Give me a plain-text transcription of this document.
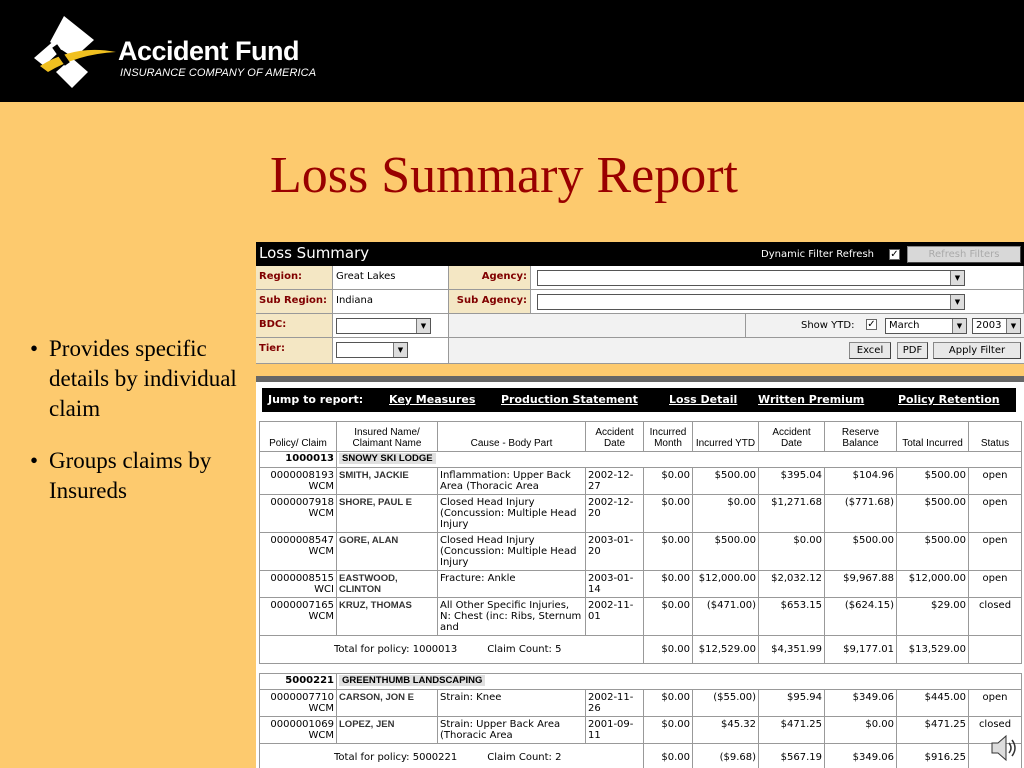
Accident Fund
INSURANCE COMPANY OF AMERICA
Loss Summary Report
• Provides specific details by individual claim
• Groups claims by Insureds
Loss Summary	Dynamic Filter Refresh ✓	Refresh Filters
Region:	Great Lakes	Agency:	▼
Sub Region: Indiana	Sub Agency:	▼
BDC:	▼	Show YTD: ✓	March	▼	2003	▼
Tier:	▼	Excel	PDF	Apply Filter
Jump to report: Key Measures Production Statement	Loss Detail Written Premium	Policy Retention
Policy/ Claim	Insured Name/ Claimant Name	Cause - Body Part	Accident Date	Incurred Month	Incurred YTD	Accident Date	Reserve Balance	Total Incurred	Status
1000013	SNOWY SKI LODGE								
0000008193 WCM	SMITH, JACKIE	Inflammation: Upper Back Area (Thoracic Area	2002-12-27	$0.00	$500.00	$395.04	$104.96	$500.00	open
0000007918 WCM	SHORE, PAUL E	Closed Head Injury (Concussion: Multiple Head Injury	2002-12-20	$0.00	$0.00	$1,271.68	($771.68)	$500.00	open
0000008547 WCM	GORE, ALAN	Closed Head Injury (Concussion: Multiple Head Injury	2003-01-20	$0.00	$500.00	$0.00	$500.00	$500.00	open
0000008515 WCI	EASTWOOD, CLINTON	Fracture: Ankle	2003-01-14	$0.00	$12,000.00	$2,032.12	$9,967.88	$12,000.00	open
0000007165 WCM	KRUZ, THOMAS	All Other Specific Injuries, N: Chest (inc: Ribs, Sternum and	2002-11-01	$0.00	($471.00)	$653.15	($624.15)	$29.00	closed
Total for policy: 1000013 Claim Count: 5				$0.00	$12,529.00	$4,351.99	$9,177.01	$13,529.00	

5000221	GREENTHUMB LANDSCAPING								
0000007710 WCM	CARSON, JON E	Strain: Knee	2002-11-26	$0.00	($55.00)	$95.94	$349.06	$445.00	open
0000001069 WCM	LOPEZ, JEN	Strain: Upper Back Area (Thoracic Area	2001-09-11	$0.00	$45.32	$471.25	$0.00	$471.25	closed
Total for policy: 5000221 Claim Count: 2				$0.00	($9.68)	$567.19	$349.06	$916.25	
